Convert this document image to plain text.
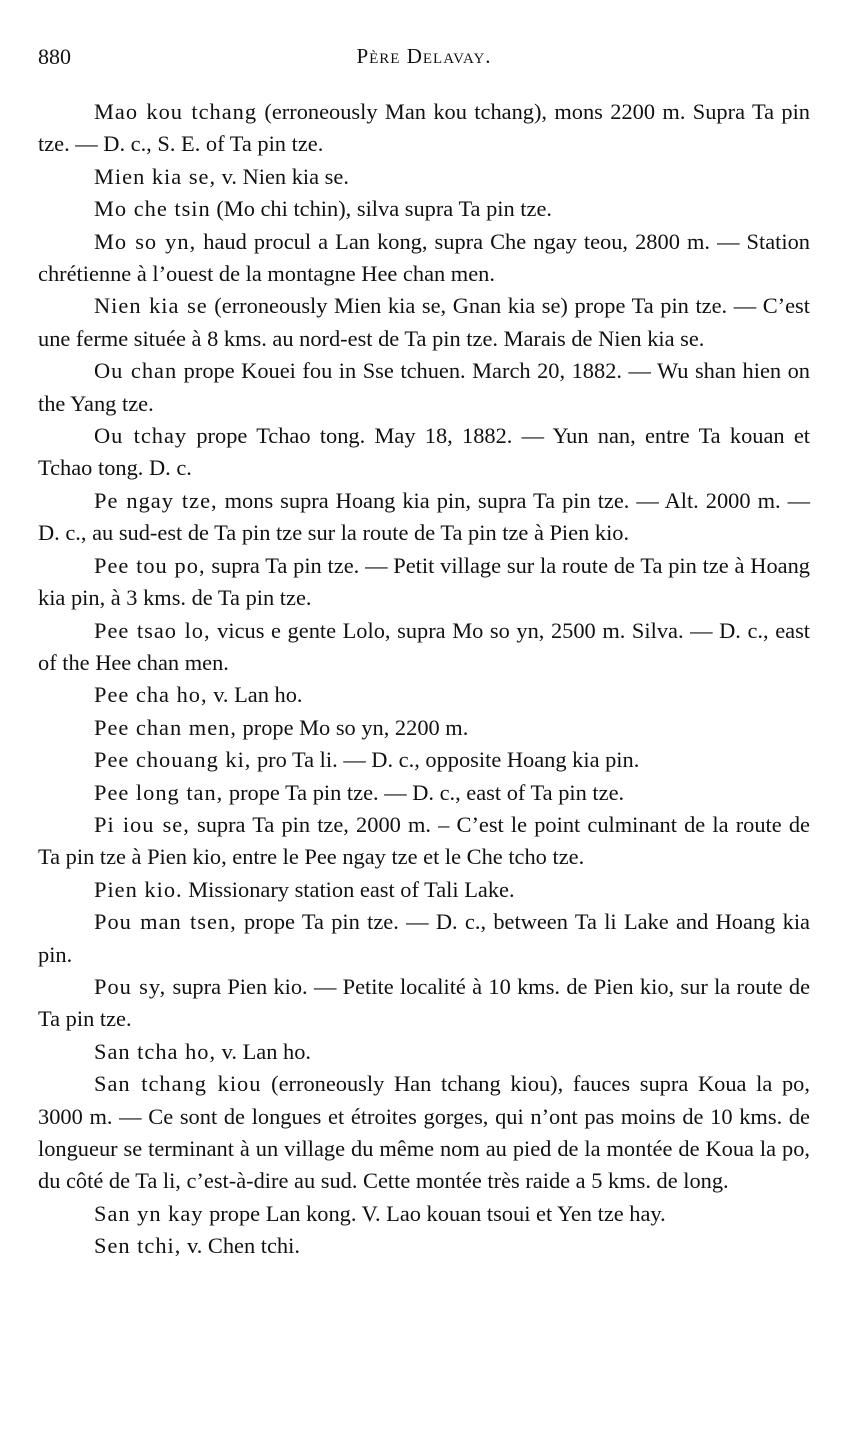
880	Père Delavay.

Mao kou tchang (erroneously Man kou tchang), mons 2200 m. Supra Ta pin tze. — D. c., S. E. of Ta pin tze.

Mien kia se, v. Nien kia se.

Mo che tsin (Mo chi tchin), silva supra Ta pin tze.

Mo so yn, haud procul a Lan kong, supra Che ngay teou, 2800 m. — Station chrétienne à l’ouest de la montagne Hee chan men.

Nien kia se (erroneously Mien kia se, Gnan kia se) prope Ta pin tze. — C’est une ferme située à 8 kms. au nord-est de Ta pin tze. Marais de Nien kia se.

Ou chan prope Kouei fou in Sse tchuen. March 20, 1882. — Wu shan hien on the Yang tze.

Ou tchay prope Tchao tong. May 18, 1882. — Yun nan, entre Ta kouan et Tchao tong. D. c.

Pe ngay tze, mons supra Hoang kia pin, supra Ta pin tze. — Alt. 2000 m. — D. c., au sud-est de Ta pin tze sur la route de Ta pin tze à Pien kio.

Pee tou po, supra Ta pin tze. — Petit village sur la route de Ta pin tze à Hoang kia pin, à 3 kms. de Ta pin tze.

Pee tsao lo, vicus e gente Lolo, supra Mo so yn, 2500 m. Silva. — D. c., east of the Hee chan men.

Pee cha ho, v. Lan ho.

Pee chan men, prope Mo so yn, 2200 m.

Pee chouang ki, pro Ta li. — D. c., opposite Hoang kia pin.

Pee long tan, prope Ta pin tze. — D. c., east of Ta pin tze.

Pi iou se, supra Ta pin tze, 2000 m. – C’est le point culminant de la route de Ta pin tze à Pien kio, entre le Pee ngay tze et le Che tcho tze.

Pien kio. Missionary station east of Tali Lake.

Pou man tsen, prope Ta pin tze. — D. c., between Ta li Lake and Hoang kia pin.

Pou sy, supra Pien kio. — Petite localité à 10 kms. de Pien kio, sur la route de Ta pin tze.

San tcha ho, v. Lan ho.

San tchang kiou (erroneously Han tchang kiou), fauces supra Koua la po, 3000 m. — Ce sont de longues et étroites gorges, qui n’ont pas moins de 10 kms. de longueur se terminant à un village du même nom au pied de la montée de Koua la po, du côté de Ta li, c’est-à-dire au sud. Cette montée très raide a 5 kms. de long.

San yn kay prope Lan kong. V. Lao kouan tsoui et Yen tze hay.

Sen tchi, v. Chen tchi.
